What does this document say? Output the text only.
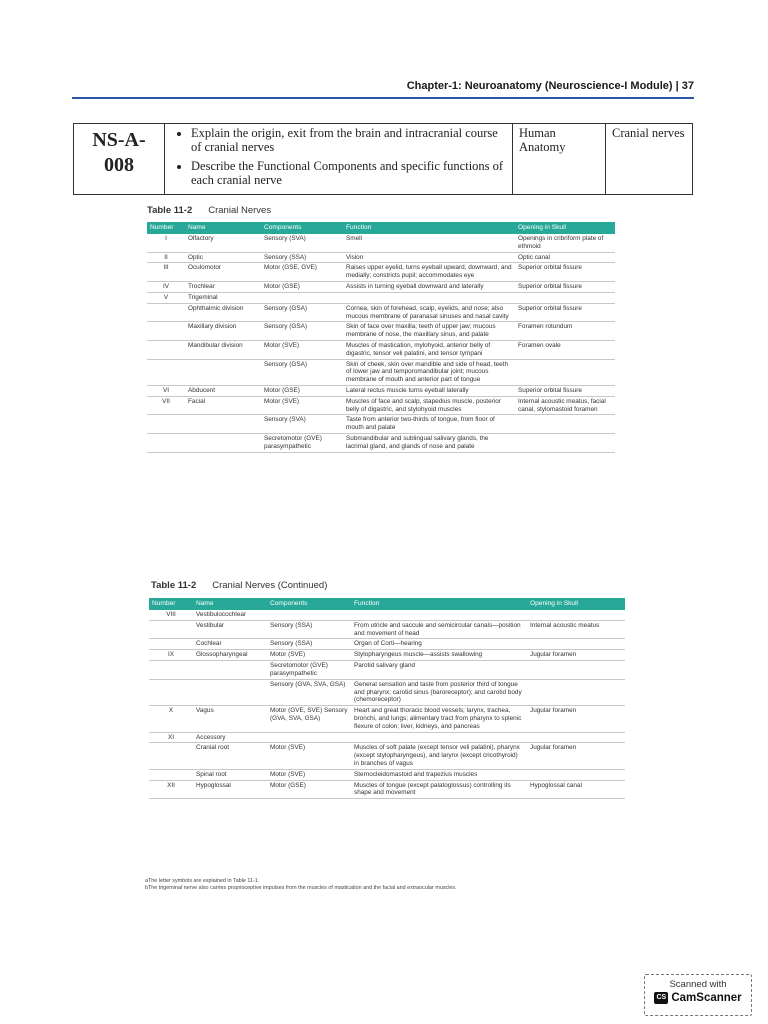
Chapter-1: Neuroanatomy (Neuroscience-I Module) | 37
NS-A-
008	
• Explain the origin, exit from the brain and intracranial course of cranial nerves
• Describe the Functional Components and specific functions of each cranial nerve
	Human Anatomy	Cranial nerves
Table 11-2 Cranial Nerves
Number	Name	Components	Function	Opening in Skull
I	Olfactory	Sensory (SVA)	Smell	Openings in cribriform plate of ethmoid
II	Optic	Sensory (SSA)	Vision	Optic canal
III	Oculomotor	Motor (GSE, GVE)	Raises upper eyelid, turns eyeball upward, downward, and medially; constricts pupil; accommodates eye	Superior orbital fissure
IV	Trochlear	Motor (GSE)	Assists in turning eyeball downward and laterally	Superior orbital fissure
V	Trigeminal			
	Ophthalmic division	Sensory (GSA)	Cornea, skin of forehead, scalp, eyelids, and nose; also mucous membrane of paranasal sinuses and nasal cavity	Superior orbital fissure
	Maxillary division	Sensory (GSA)	Skin of face over maxilla; teeth of upper jaw; mucous membrane of nose, the maxillary sinus, and palate	Foramen rotundum
	Mandibular division	Motor (SVE)	Muscles of mastication, mylohyoid, anterior belly of digastric, tensor veli palatini, and tensor tympani	Foramen ovale
		Sensory (GSA)	Skin of cheek, skin over mandible and side of head, teeth of lower jaw and temporomandibular joint; mucous membrane of mouth and anterior part of tongue	
VI	Abducent	Motor (GSE)	Lateral rectus muscle turns eyeball laterally	Superior orbital fissure
VII	Facial	Motor (SVE)	Muscles of face and scalp, stapedius muscle, posterior belly of digastric, and stylohyoid muscles	Internal acoustic meatus, facial canal, stylomastoid foramen
		Sensory (SVA)	Taste from anterior two-thirds of tongue, from floor of mouth and palate	
		Secretomotor (GVE) parasympathetic	Submandibular and sublingual salivary glands, the lacrimal gland, and glands of nose and palate	
Table 11-2 Cranial Nerves (Continued)
Number	Name	Components	Function	Opening in Skull
VIII	Vestibulocochlear			
	Vestibular	Sensory (SSA)	From utricle and saccule and semicircular canals—position and movement of head	Internal acoustic meatus
	Cochlear	Sensory (SSA)	Organ of Corti—hearing	
IX	Glossopharyngeal	Motor (SVE)	Stylopharyngeus muscle—assists swallowing	Jugular foramen
		Secretomotor (GVE) parasympathetic	Parotid salivary gland	
		Sensory (GVA, SVA, GSA)	General sensation and taste from posterior third of tongue and pharynx; carotid sinus (baroreceptor); and carotid body (chemoreceptor)	
X	Vagus	Motor (GVE, SVE) Sensory (GVA, SVA, GSA)	Heart and great thoracic blood vessels; larynx, trachea, bronchi, and lungs; alimentary tract from pharynx to splenic flexure of colon; liver, kidneys, and pancreas	Jugular foramen
XI	Accessory			
	Cranial root	Motor (SVE)	Muscles of soft palate (except tensor veli palatini), pharynx (except stylopharyngeus), and larynx (except cricothyroid) in branches of vagus	Jugular foramen
	Spinal root	Motor (SVE)	Sternocleidomastoid and trapezius muscles	
XII	Hypoglossal	Motor (GSE)	Muscles of tongue (except palatoglossus) controlling its shape and movement	Hypoglossal canal
aThe letter symbols are explained in Table 11-1.
bThe trigeminal nerve also carries proprioceptive impulses from the muscles of mastication and the facial and extraocular muscles.
Scanned with
CS CamScanner
